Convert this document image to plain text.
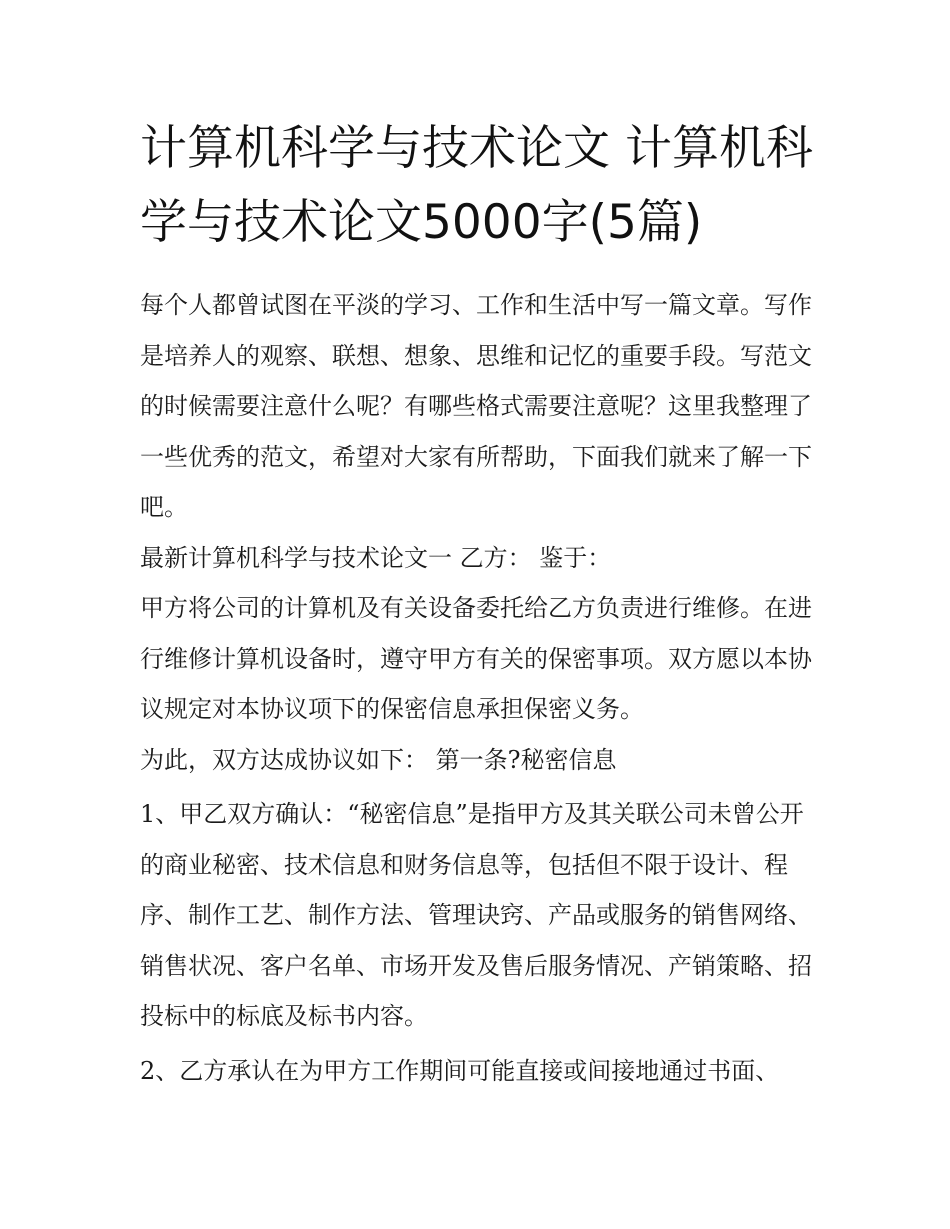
计算机科学与技术论文 计算机科学与技术论文5000字(5篇)

每个人都曾试图在平淡的学习、工作和生活中写一篇文章。写作是培养人的观察、联想、想象、思维和记忆的重要手段。写范文的时候需要注意什么呢？有哪些格式需要注意呢？这里我整理了一些优秀的范文，希望对大家有所帮助，下面我们就来了解一下吧。

最新计算机科学与技术论文一 乙方： 鉴于：

甲方将公司的计算机及有关设备委托给乙方负责进行维修。在进行维修计算机设备时，遵守甲方有关的保密事项。双方愿以本协议规定对本协议项下的保密信息承担保密义务。

为此，双方达成协议如下： 第一条?秘密信息

1、甲乙双方确认：“秘密信息”是指甲方及其关联公司未曾公开的商业秘密、技术信息和财务信息等，包括但不限于设计、程序、制作工艺、制作方法、管理诀窍、产品或服务的销售网络、销售状况、客户名单、市场开发及售后服务情况、产销策略、招投标中的标底及标书内容。

2、乙方承认在为甲方工作期间可能直接或间接地通过书面、
